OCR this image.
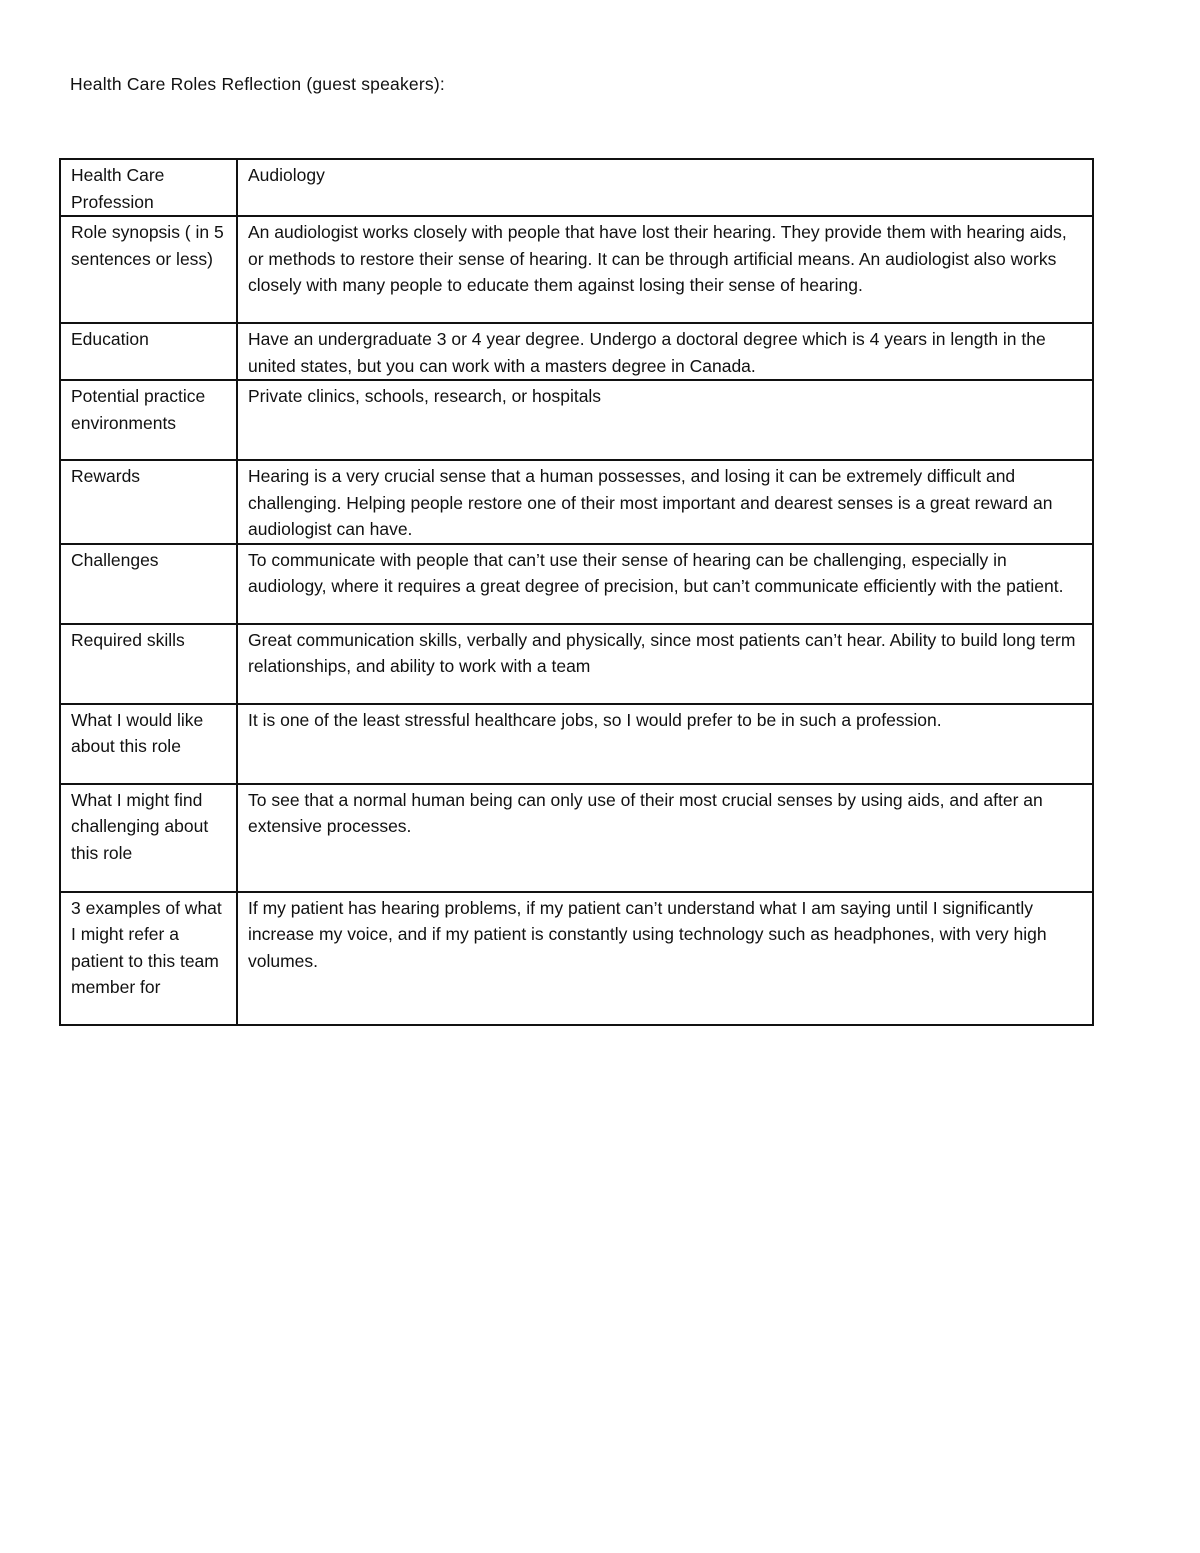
Health Care Roles Reflection (guest speakers):
Health Care Profession	Audiology
Role synopsis ( in 5 sentences or less)	An audiologist works closely with people that have lost their hearing. They provide them with hearing aids, or methods to restore their sense of hearing. It can be through artificial means. An audiologist also works closely with many people to educate them against losing their sense of hearing.
Education	Have an undergraduate 3 or 4 year degree. Undergo a doctoral degree which is 4 years in length in the united states, but you can work with a masters degree in Canada.
Potential practice environments	Private clinics, schools, research, or hospitals
Rewards	Hearing is a very crucial sense that a human possesses, and losing it can be extremely difficult and challenging. Helping people restore one of their most important and dearest senses is a great reward an audiologist can have.
Challenges	To communicate with people that can’t use their sense of hearing can be challenging, especially in audiology, where it requires a great degree of precision, but can’t communicate efficiently with the patient.
Required skills	Great communication skills, verbally and physically, since most patients can’t hear. Ability to build long term relationships, and ability to work with a team
What I would like about this role	It is one of the least stressful healthcare jobs, so I would prefer to be in such a profession.
What I might find challenging about this role	To see that a normal human being can only use of their most crucial senses by using aids, and after an extensive processes.
3 examples of what I might refer a patient to this team member for	If my patient has hearing problems, if my patient can’t understand what I am saying until I significantly increase my voice, and if my patient is constantly using technology such as headphones, with very high volumes.
